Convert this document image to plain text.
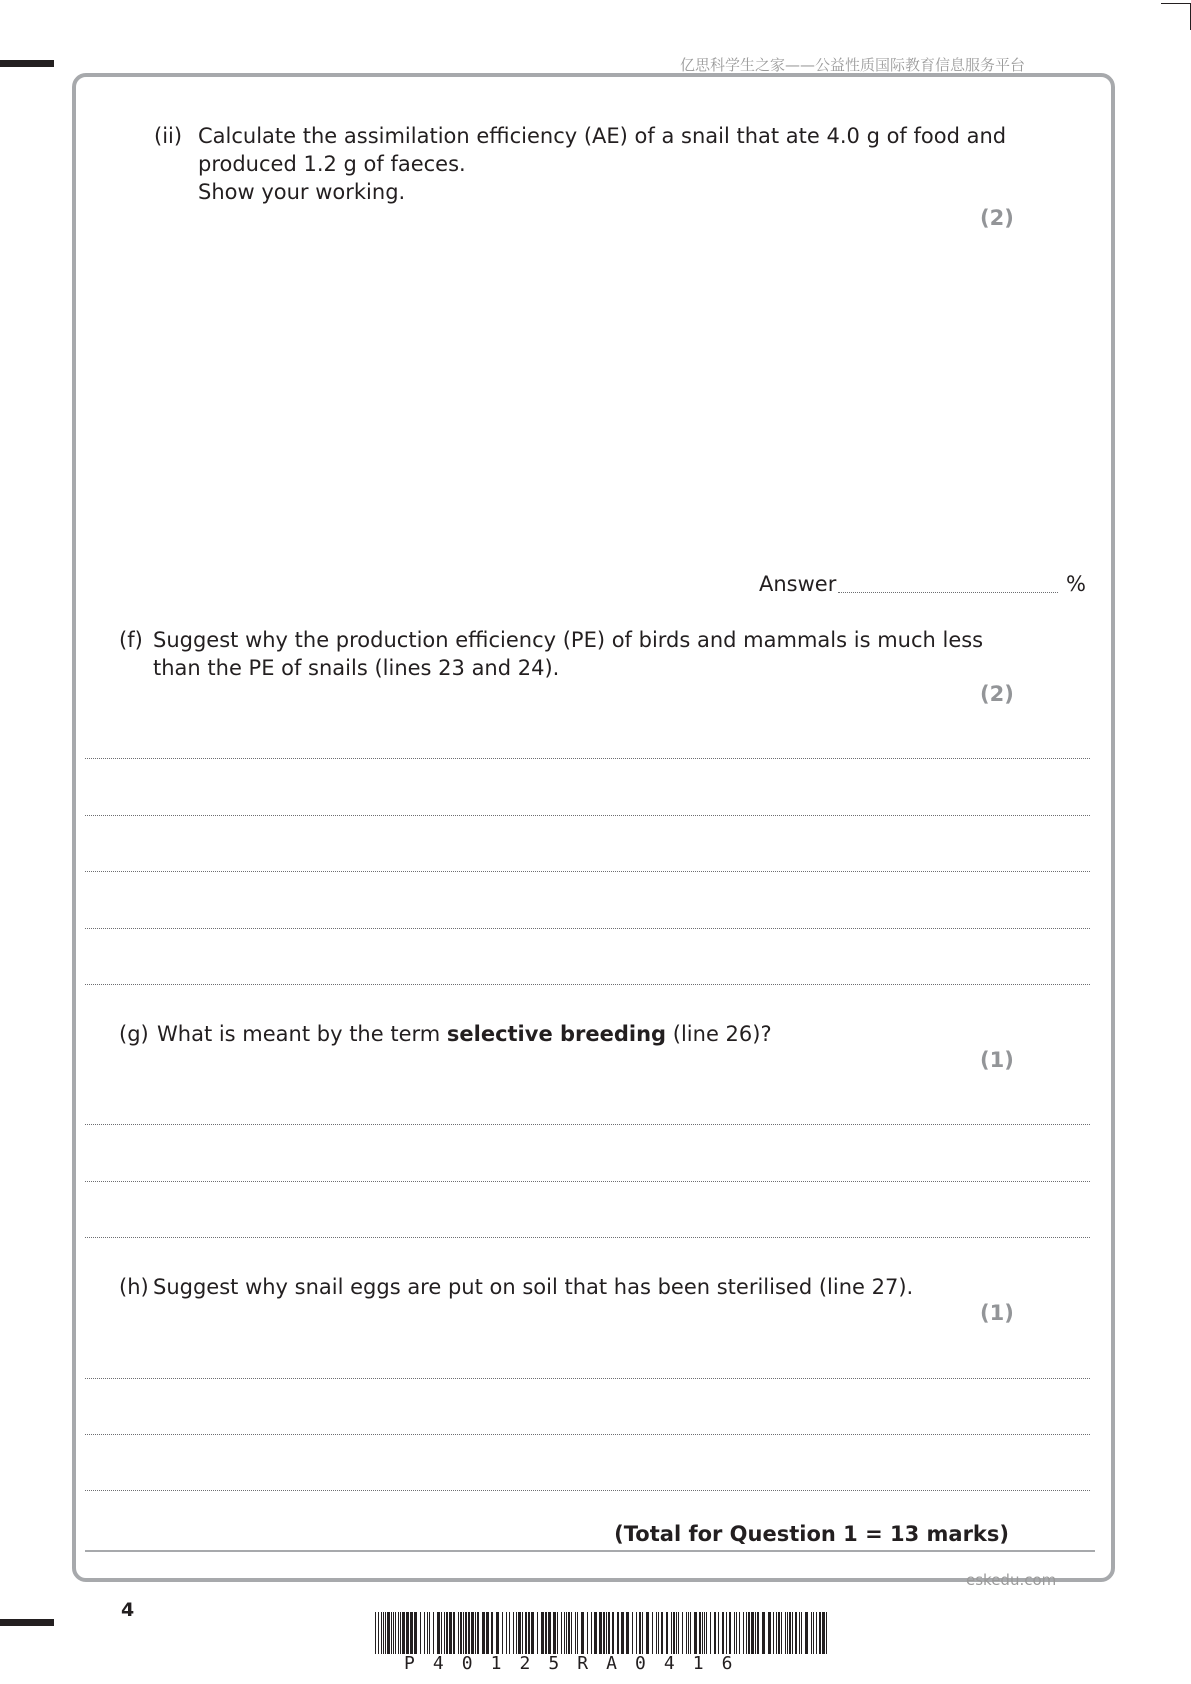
亿思科学生之家——公益性质国际教育信息服务平台
(ii) Calculate the assimilation efficiency (AE) of a snail that ate 4.0 g of food and
produced 1.2 g of faeces.
Show your working.
(2)
Answer	%
(f) Suggest why the production efficiency (PE) of birds and mammals is much less
than the PE of snails (lines 23 and 24).
(2)
(g) What is meant by the term selective breeding (line 26)?
(1)
(h) Suggest why snail eggs are put on soil that has been sterilised (line 27).
(1)
(Total for Question 1 = 13 marks)
eskedu.com
4
P 4 0 1 2 5 R A 0 4 1 6
